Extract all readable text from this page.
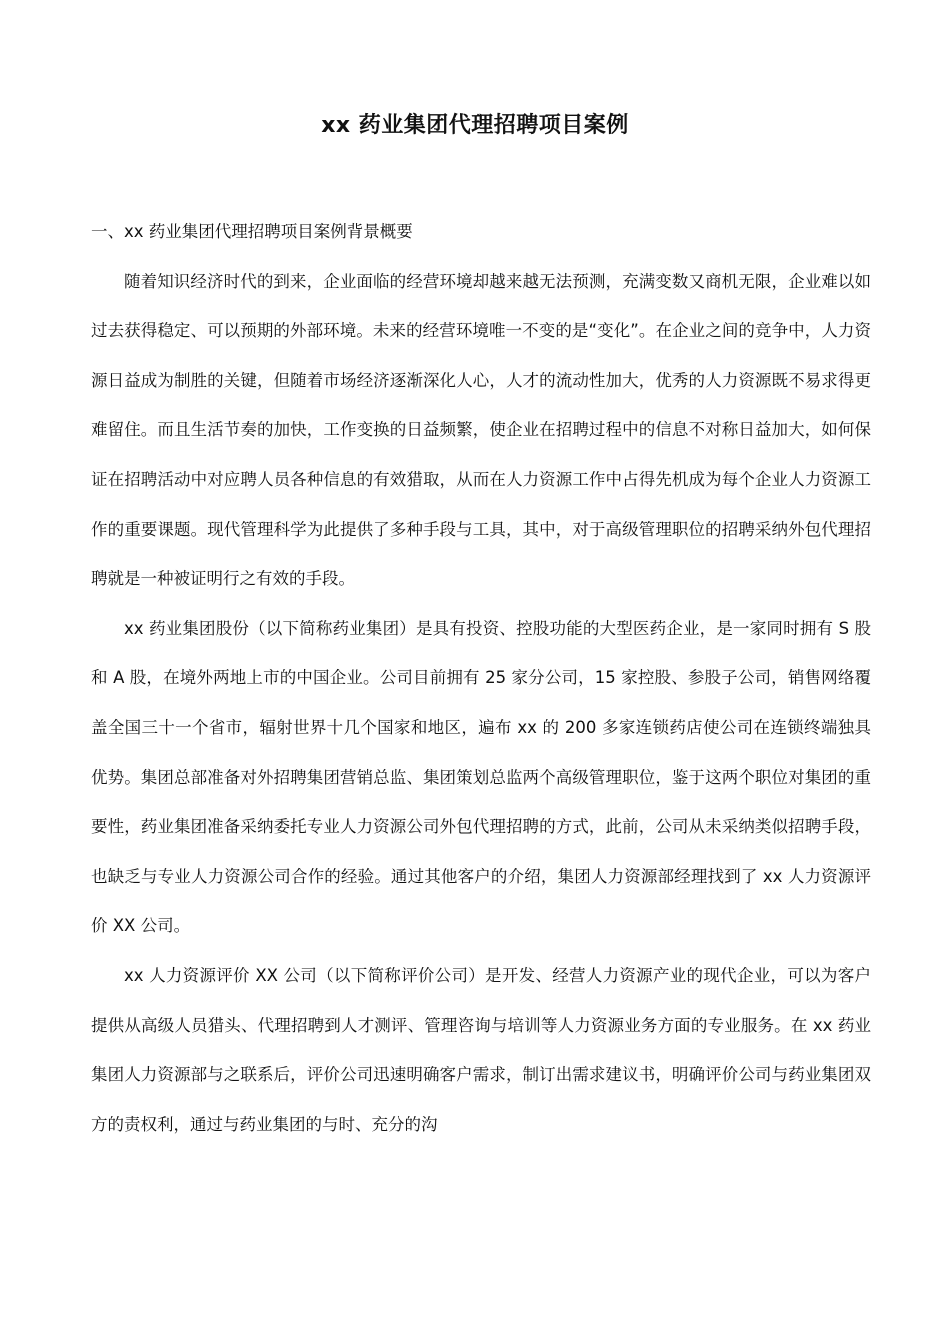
xx 药业集团代理招聘项目案例
一、xx 药业集团代理招聘项目案例背景概要

随着知识经济时代的到来，企业面临的经营环境却越来越无法预测，充满变数又商机无限，企业难以如过去获得稳定、可以预期的外部环境。未来的经营环境唯一不变的是“变化”。在企业之间的竞争中，人力资源日益成为制胜的关键，但随着市场经济逐渐深化人心，人才的流动性加大，优秀的人力资源既不易求得更难留住。而且生活节奏的加快，工作变换的日益频繁，使企业在招聘过程中的信息不对称日益加大，如何保证在招聘活动中对应聘人员各种信息的有效猎取，从而在人力资源工作中占得先机成为每个企业人力资源工作的重要课题。现代管理科学为此提供了多种手段与工具，其中，对于高级管理职位的招聘采纳外包代理招聘就是一种被证明行之有效的手段。

xx 药业集团股份（以下简称药业集团）是具有投资、控股功能的大型医药企业，是一家同时拥有 S 股和 A 股，在境外两地上市的中国企业。公司目前拥有 25 家分公司，15 家控股、参股子公司，销售网络覆盖全国三十一个省市，辐射世界十几个国家和地区，遍布 xx 的 200 多家连锁药店使公司在连锁终端独具优势。集团总部准备对外招聘集团营销总监、集团策划总监两个高级管理职位，鉴于这两个职位对集团的重要性，药业集团准备采纳委托专业人力资源公司外包代理招聘的方式，此前，公司从未采纳类似招聘手段，也缺乏与专业人力资源公司合作的经验。通过其他客户的介绍，集团人力资源部经理找到了 xx 人力资源评价 XX 公司。

xx 人力资源评价 XX 公司（以下简称评价公司）是开发、经营人力资源产业的现代企业，可以为客户提供从高级人员猎头、代理招聘到人才测评、管理咨询与培训等人力资源业务方面的专业服务。在 xx 药业集团人力资源部与之联系后，评价公司迅速明确客户需求，制订出需求建议书，明确评价公司与药业集团双方的责权利，通过与药业集团的与时、充分的沟
